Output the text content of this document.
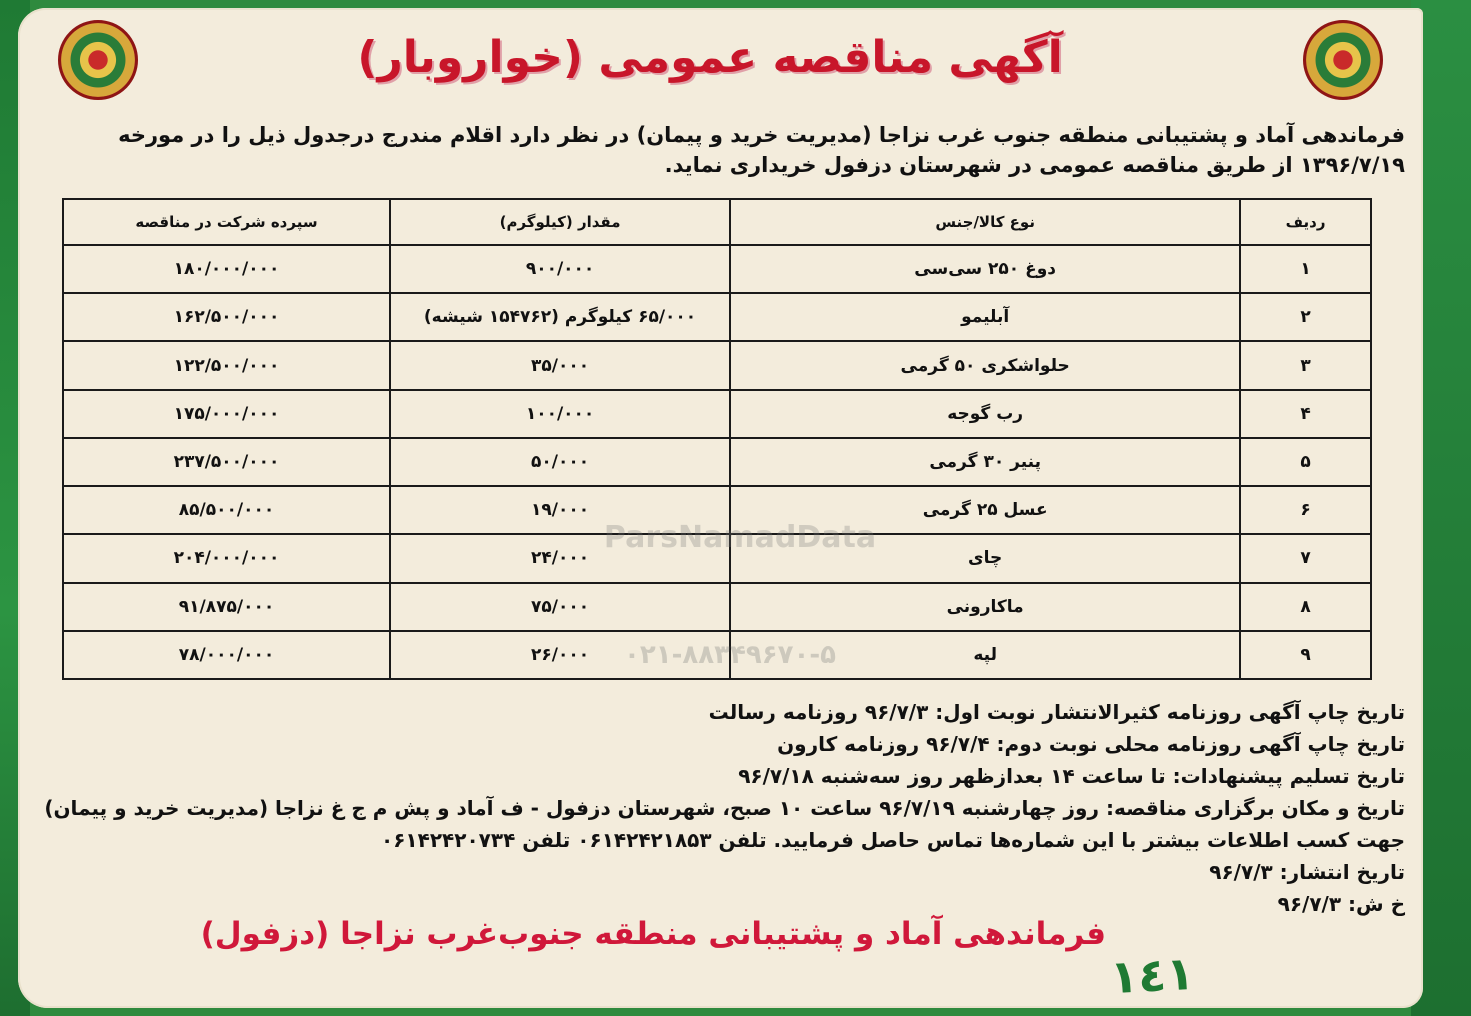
آگهی مناقصه عمومی (خواروبار)
فرماندهی آماد و پشتیبانی منطقه جنوب غرب نزاجا (مدیریت خرید و پیمان) در نظر دارد اقلام مندرج درجدول ذیل را در مورخه ۱۳۹۶/۷/۱۹ از طریق مناقصه عمومی در شهرستان دزفول خریداری نماید.
ردیف	نوع کالا/جنس	مقدار (کیلوگرم)	سپرده شرکت در مناقصه
۱	دوغ ۲۵۰ سی‌سی	۹۰۰/۰۰۰	۱۸۰/۰۰۰/۰۰۰
۲	آبلیمو	۶۵/۰۰۰ کیلوگرم (۱۵۴۷۶۲ شیشه)	۱۶۲/۵۰۰/۰۰۰
۳	حلواشکری ۵۰ گرمی	۳۵/۰۰۰	۱۲۲/۵۰۰/۰۰۰
۴	رب گوجه	۱۰۰/۰۰۰	۱۷۵/۰۰۰/۰۰۰
۵	پنیر ۳۰ گرمی	۵۰/۰۰۰	۲۳۷/۵۰۰/۰۰۰
۶	عسل ۲۵ گرمی	۱۹/۰۰۰	۸۵/۵۰۰/۰۰۰
۷	چای	۲۴/۰۰۰	۲۰۴/۰۰۰/۰۰۰
۸	ماکارونی	۷۵/۰۰۰	۹۱/۸۷۵/۰۰۰
۹	لپه	۲۶/۰۰۰	۷۸/۰۰۰/۰۰۰
ParsNamadData
۰۲۱-۸۸۳۴۹۶۷۰-۵

تاریخ چاپ آگهی روزنامه کثیرالانتشار نوبت اول: ۹۶/۷/۳ روزنامه رسالت

تاریخ چاپ آگهی روزنامه محلی نوبت دوم: ۹۶/۷/۴ روزنامه کارون

تاریخ تسلیم پیشنهادات: تا ساعت ۱۴ بعدازظهر روز سه‌شنبه ۹۶/۷/۱۸

تاریخ و مکان برگزاری مناقصه: روز چهارشنبه ۹۶/۷/۱۹ ساعت ۱۰ صبح، شهرستان دزفول - ف آماد و پش م ج غ نزاجا (مدیریت خرید و پیمان)

جهت کسب اطلاعات بیشتر با این شماره‌ها تماس حاصل فرمایید. تلفن ۰۶۱۴۲۴۲۱۸۵۳ تلفن ۰۶۱۴۲۴۲۰۷۳۴

تاریخ انتشار: ۹۶/۷/۳

خ ش: ۹۶/۷/۳

فرماندهی آماد و پشتیبانی منطقه جنوب‌غرب نزاجا (دزفول)
۱٤١
